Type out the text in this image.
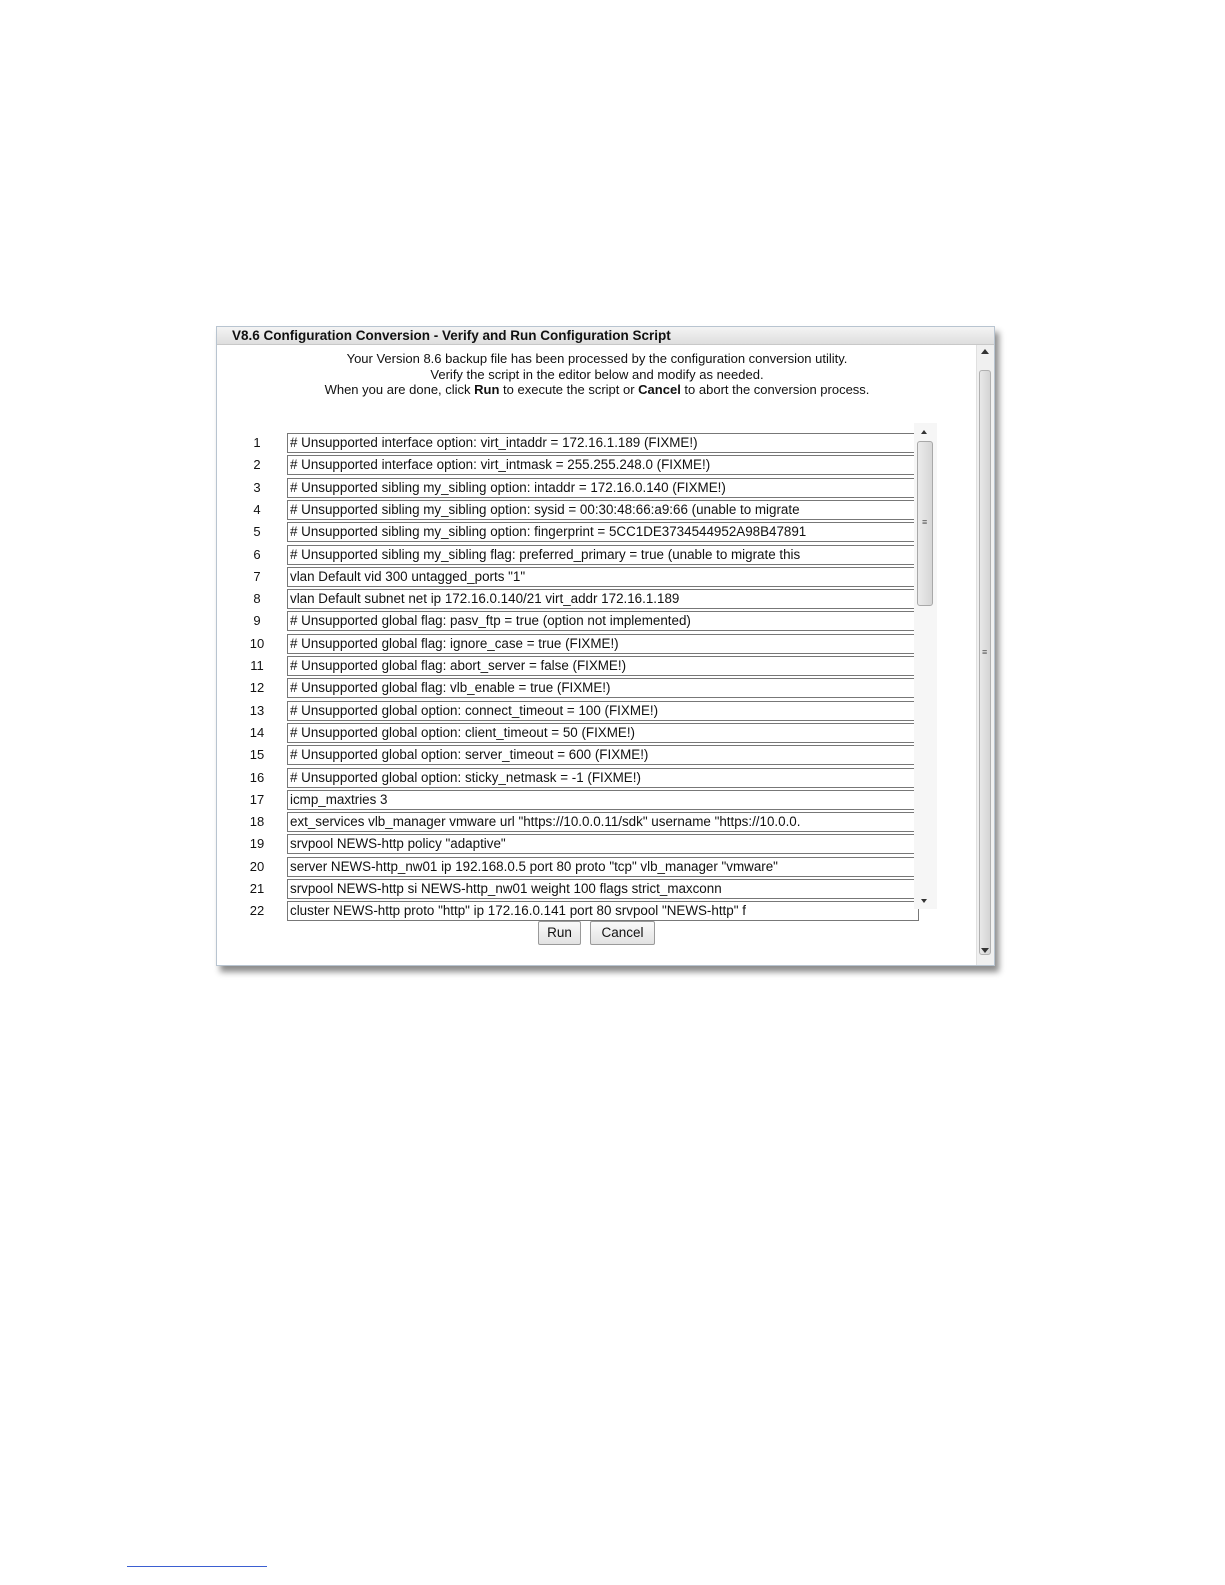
V8.6 Configuration Conversion - Verify and Run Configuration Script
Your Version 8.6 backup file has been processed by the configuration conversion utility.
Verify the script in the editor below and modify as needed.
When you are done, click Run to execute the script or Cancel to abort the conversion process.
1	# Unsupported interface option: virt_intaddr = 172.16.1.189 (FIXME!)
2	# Unsupported interface option: virt_intmask = 255.255.248.0 (FIXME!)
3	# Unsupported sibling my_sibling option: intaddr = 172.16.0.140 (FIXME!)
4	# Unsupported sibling my_sibling option: sysid = 00:30:48:66:a9:66 (unable to migrate
5	# Unsupported sibling my_sibling option: fingerprint = 5CC1DE3734544952A98B47891
6	# Unsupported sibling my_sibling flag: preferred_primary = true (unable to migrate this
7	vlan Default vid 300 untagged_ports "1"
8	vlan Default subnet net ip 172.16.0.140/21 virt_addr 172.16.1.189
9	# Unsupported global flag: pasv_ftp = true (option not implemented)
10	# Unsupported global flag: ignore_case = true (FIXME!)
11	# Unsupported global flag: abort_server = false (FIXME!)
12	# Unsupported global flag: vlb_enable = true (FIXME!)
13	# Unsupported global option: connect_timeout = 100 (FIXME!)
14	# Unsupported global option: client_timeout = 50 (FIXME!)
15	# Unsupported global option: server_timeout = 600 (FIXME!)
16	# Unsupported global option: sticky_netmask = -1 (FIXME!)
17	icmp_maxtries 3
18	ext_services vlb_manager vmware url "https://10.0.0.11/sdk" username "https://10.0.0.
19	srvpool NEWS-http policy "adaptive"
20	server NEWS-http_nw01 ip 192.168.0.5 port 80 proto "tcp" vlb_manager "vmware"
21	srvpool NEWS-http si NEWS-http_nw01 weight 100 flags strict_maxconn
22	cluster NEWS-http proto "http" ip 172.16.0.141 port 80 srvpool "NEWS-http" f
≡
Run	Cancel
≡
